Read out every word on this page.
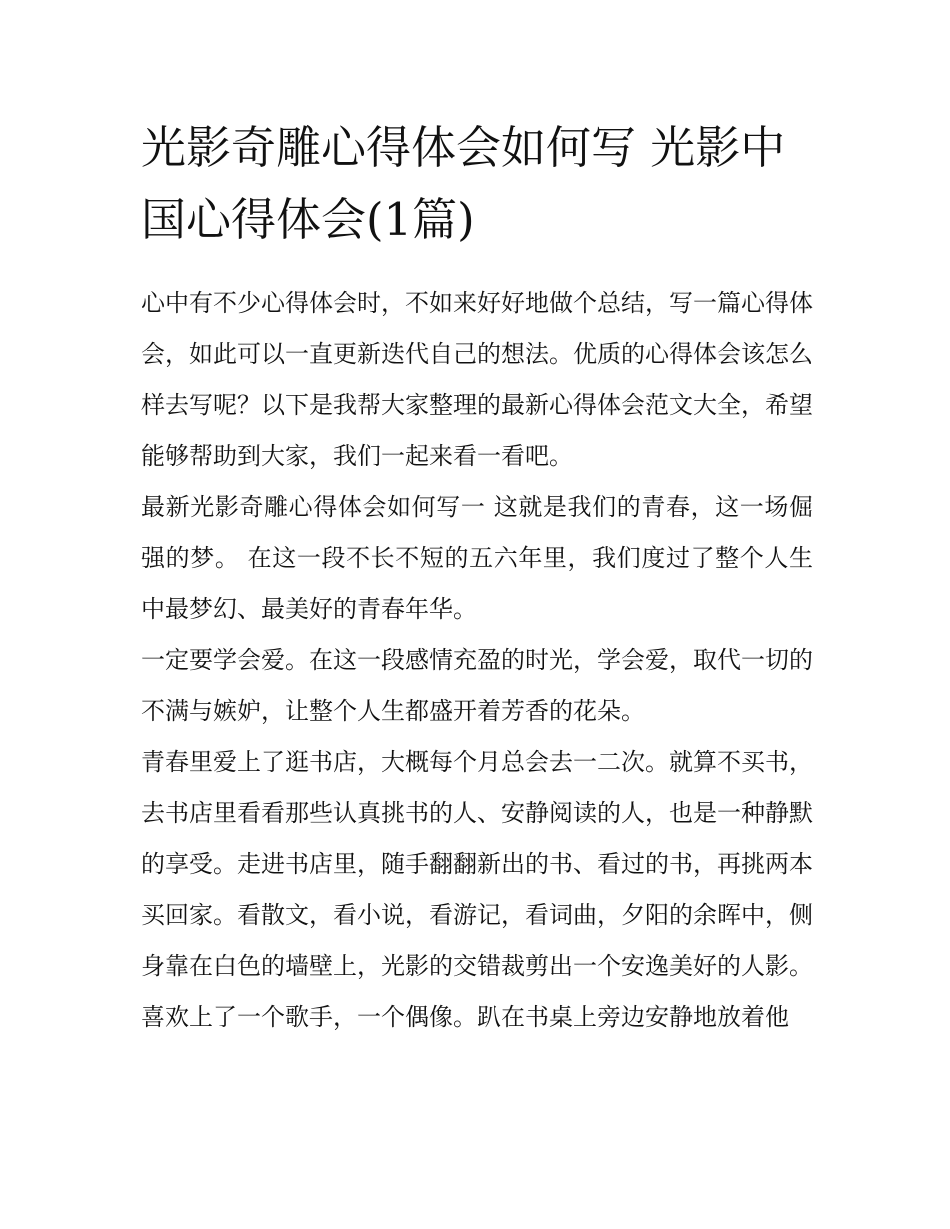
光影奇雕心得体会如何写 光影中国心得体会(1篇)

心中有不少心得体会时，不如来好好地做个总结，写一篇心得体会，如此可以一直更新迭代自己的想法。优质的心得体会该怎么样去写呢？以下是我帮大家整理的最新心得体会范文大全，希望能够帮助到大家，我们一起来看一看吧。

最新光影奇雕心得体会如何写一 这就是我们的青春，这一场倔强的梦。 在这一段不长不短的五六年里，我们度过了整个人生中最梦幻、最美好的青春年华。

一定要学会爱。在这一段感情充盈的时光，学会爱，取代一切的不满与嫉妒，让整个人生都盛开着芳香的花朵。

青春里爱上了逛书店，大概每个月总会去一二次。就算不买书，去书店里看看那些认真挑书的人、安静阅读的人，也是一种静默的享受。走进书店里，随手翻翻新出的书、看过的书，再挑两本买回家。看散文，看小说，看游记，看词曲，夕阳的余晖中，侧身靠在白色的墙壁上，光影的交错裁剪出一个安逸美好的人影。

喜欢上了一个歌手，一个偶像。趴在书桌上旁边安静地放着他
